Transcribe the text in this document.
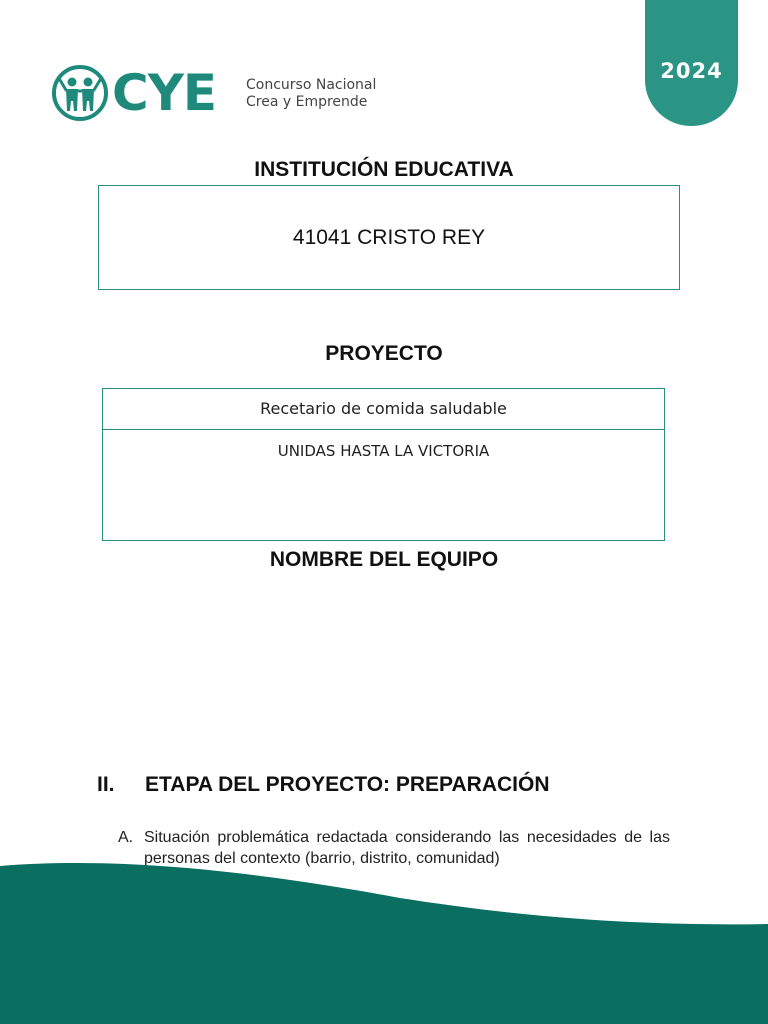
2024
CYE Concurso Nacional
Crea y Emprende
INSTITUCIÓN EDUCATIVA
41041 CRISTO REY
PROYECTO
Recetario de comida saludable
UNIDAS HASTA LA VICTORIA
NOMBRE DEL EQUIPO
II. ETAPA DEL PROYECTO: PREPARACIÓN
A. Situación problemática redactada considerando las necesidades de las personas del contexto (barrio, distrito, comunidad)
